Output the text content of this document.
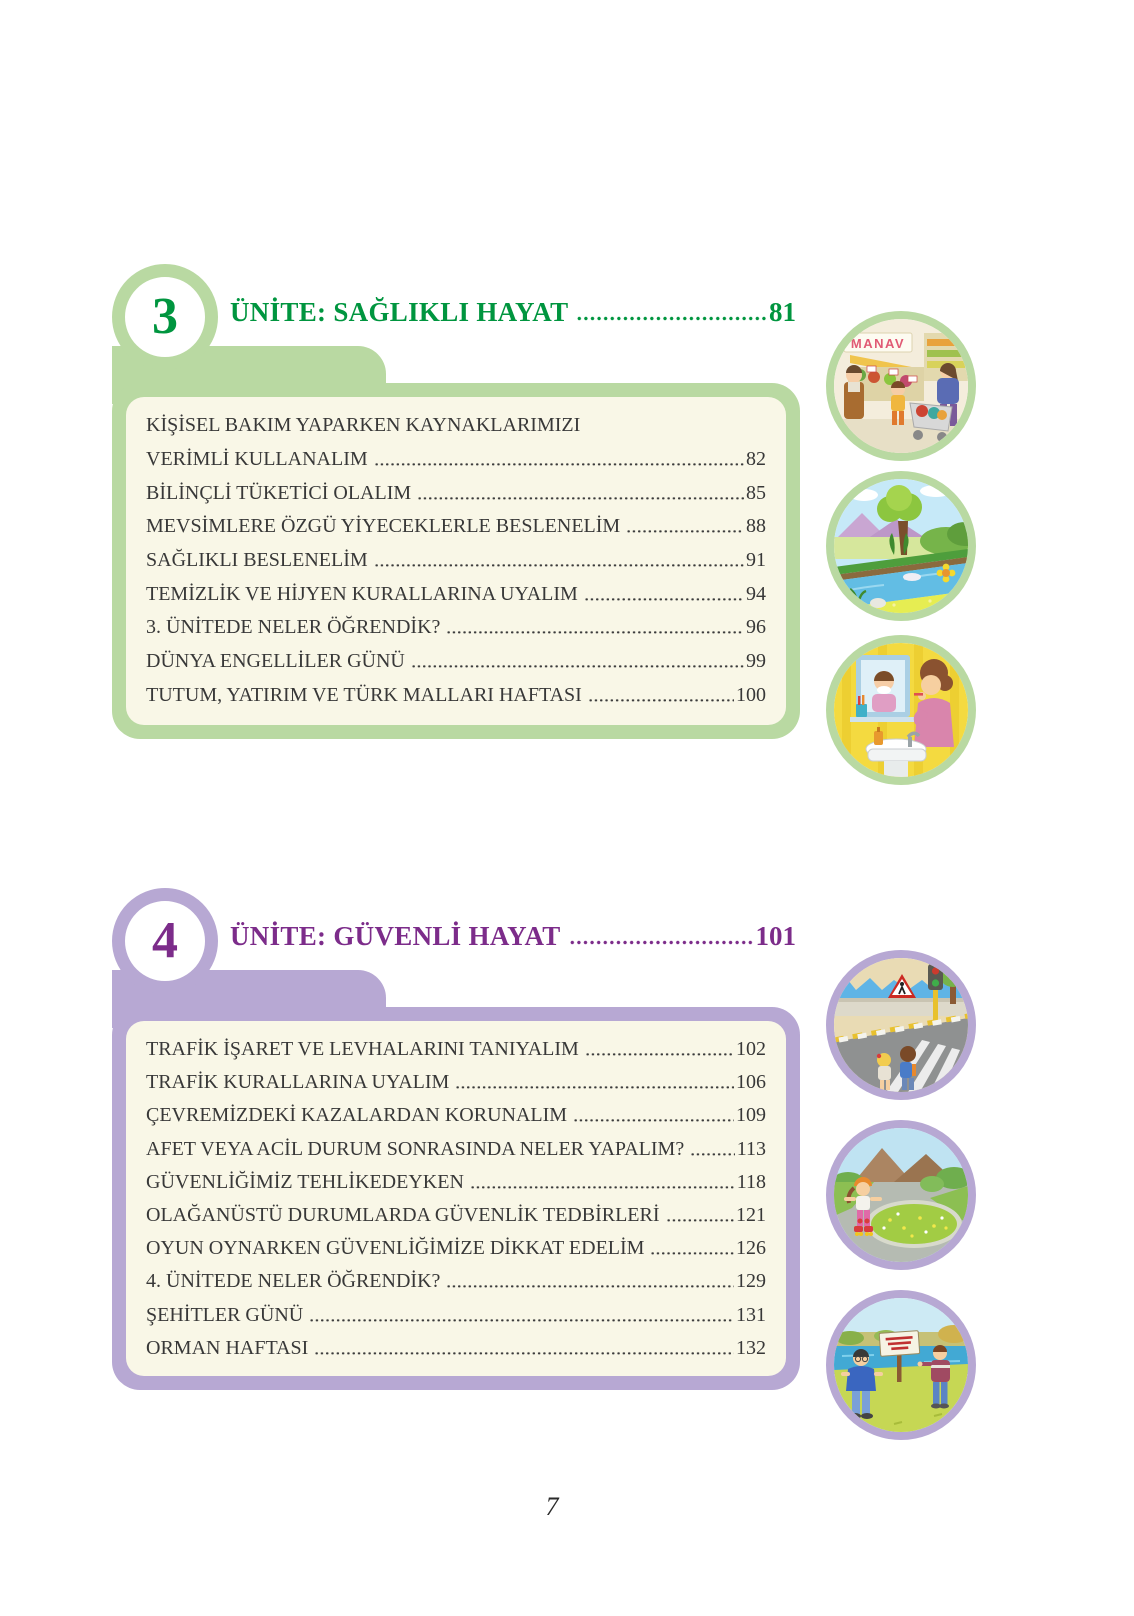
KİŞİSEL BAKIM YAPARKEN KAYNAKLARIMIZI
VERİMLİ KULLANALIM	82
BİLİNÇLİ TÜKETİCİ OLALIM	85
MEVSİMLERE ÖZGÜ YİYECEKLERLE BESLENELİM	88
SAĞLIKLI BESLENELİM	91
TEMİZLİK VE HİJYEN KURALLARINA UYALIM	94
3. ÜNİTEDE NELER ÖĞRENDİK?	96
DÜNYA ENGELLİLER GÜNÜ	99
TUTUM, YATIRIM VE TÜRK MALLARI HAFTASI	100
3 ÜNİTE: SAĞLIKLI HAYAT	81
MANAV
TRAFİK İŞARET VE LEVHALARINI TANIYALIM	102
TRAFİK KURALLARINA UYALIM	106
ÇEVREMİZDEKİ KAZALARDAN KORUNALIM	109
AFET VEYA ACİL DURUM SONRASINDA NELER YAPALIM?	113
GÜVENLİĞİMİZ TEHLİKEDEYKEN	118
OLAĞANÜSTÜ DURUMLARDA GÜVENLİK TEDBİRLERİ	121
OYUN OYNARKEN GÜVENLİĞİMİZE DİKKAT EDELİM	126
4. ÜNİTEDE NELER ÖĞRENDİK?	129
ŞEHİTLER GÜNÜ	131
ORMAN HAFTASI	132
4 ÜNİTE: GÜVENLİ HAYAT	101
7
